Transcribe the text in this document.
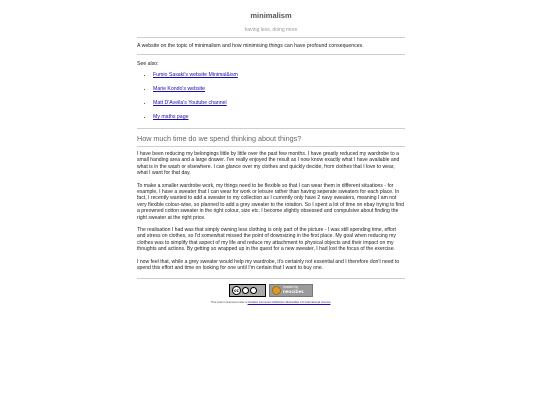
minimalism
having less, doing more

A website on the topic of minimalism and how minimising things can have profound consequences.

See also:
• Fumio Sasaki's website Minimal&ism
• Marie Kondo's website
• Matt D'Avella's Youtube channel
• My maths page
How much time do we spend thinking about things?

I have been reducing my belongings little by little over the past few months. I have greatly reduced my wardrobe to a small handing area and a large drawer. I've really enjoyed the result as I now know exactly what I have available and what is in the wash or elsewhere. I can glance over my clothes and quickly decide, from clothes that I love to wear, what I want for that day.

To make a smaller wardrobe work, my things need to be flexible so that I can wear them in different situations - for example, I have a sweater that I can wear for work or leisure rather than having seperate sweaters for each place. In fact, I recently wanted to add a sweater to my collection as I currently only have 2 navy sweaters, meaning I am not very flexible colour-wise, so planned to add a grey sweater to the rotation. So I spent a lot of time on ebay trying to find a preowned cotton sweater in the right colour, size etc. I become slightly obsessed and compulsive about finding the right sweater at the right price.

The realisation I had was that simply owning less clothing is only part of the picture - I was still spending time, effort and stress on clothes, so I'd somewhat missed the point of downsizing in the first place. My goal when reducing my clothes was to simplify that aspect of my life and reduce my attachment to physical objects and their impact on my thoughts and actions. By getting so wrapped up in the quest for a new sweater, I had lost the focus of the exercise.

I now feel that, while a grey sweater would help my wardrobe, it's certainly not essential and I therefore don't need to spend this effort and time on looking for one until I'm certain that I want to buy one.

cc
hosted by
neocities
This work is licensed under a Creative Commons Attribution-ShareAlike 4.0 International License.
